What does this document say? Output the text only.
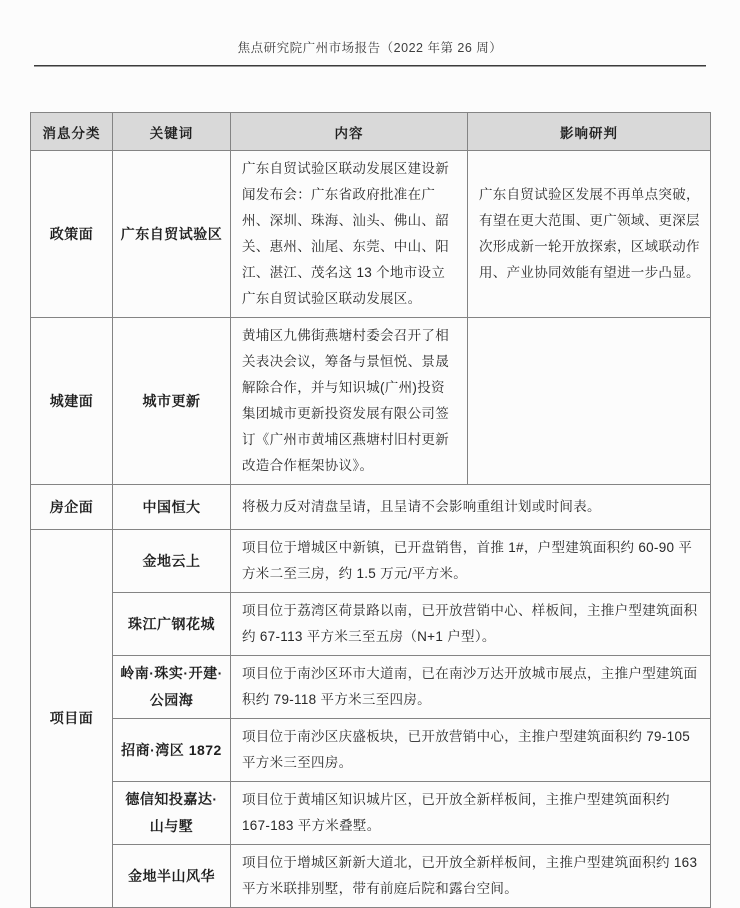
焦点研究院广州市场报告（2022 年第 26 周）
消息分类	关键词	内容	影响研判
政策面	广东自贸试验区	广东自贸试验区联动发展区建设新闻发布会：广东省政府批准在广州、深圳、珠海、汕头、佛山、韶关、惠州、汕尾、东莞、中山、阳江、湛江、茂名这 13 个地市设立广东自贸试验区联动发展区。	广东自贸试验区发展不再单点突破，有望在更大范围、更广领域、更深层次形成新一轮开放探索，区域联动作用、产业协同效能有望进一步凸显。
城建面	城市更新	黄埔区九佛街燕塘村委会召开了相关表决会议，筹备与景恒悦、景晟解除合作，并与知识城(广州)投资集团城市更新投资发展有限公司签订《广州市黄埔区燕塘村旧村更新改造合作框架协议》。	
房企面	中国恒大	将极力反对清盘呈请，且呈请不会影响重组计划或时间表。	
项目面	金地云上	项目位于增城区中新镇，已开盘销售，首推 1#，户型建筑面积约 60-90 平方米二至三房，约 1.5 万元/平方米。	
	珠江广钢花城	项目位于荔湾区荷景路以南，已开放营销中心、样板间，主推户型建筑面积约 67-113 平方米三至五房（N+1 户型）。	
	岭南·珠实·开建·公园海	项目位于南沙区环市大道南，已在南沙万达开放城市展点，主推户型建筑面积约 79-118 平方米三至四房。	
	招商·湾区 1872	项目位于南沙区庆盛板块，已开放营销中心，主推户型建筑面积约 79-105 平方米三至四房。	
	德信知投嘉达·山与墅	项目位于黄埔区知识城片区，已开放全新样板间，主推户型建筑面积约 167-183 平方米叠墅。	
	金地半山风华	项目位于增城区新新大道北，已开放全新样板间，主推户型建筑面积约 163 平方米联排别墅，带有前庭后院和露台空间。	
